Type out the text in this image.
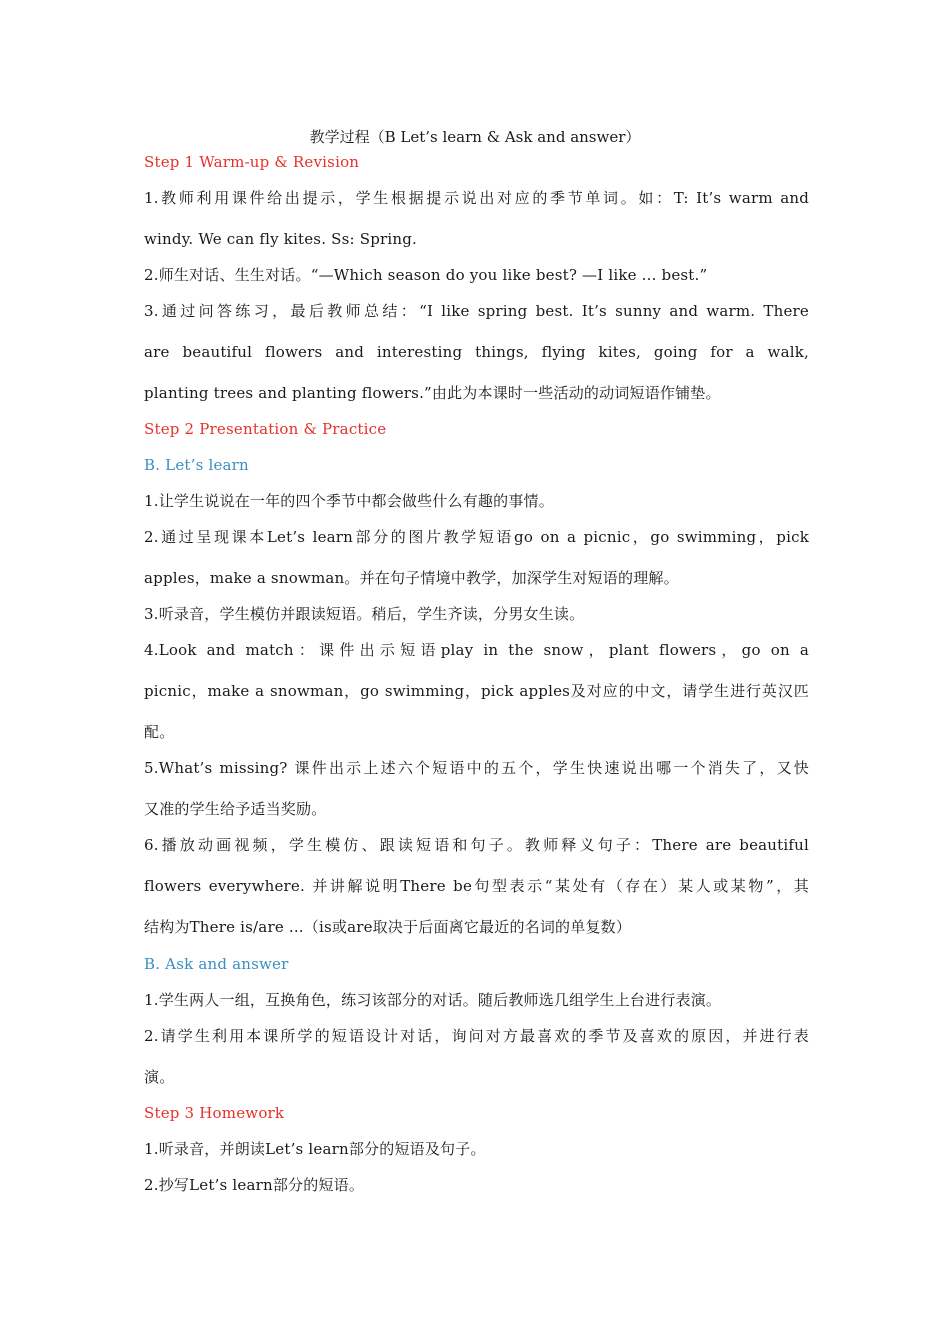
教学过程（B Let’s learn & Ask and answer）
Step 1 Warm-up & Revision
1.教师利用课件给出提示，学生根据提示说出对应的季节单词。如：T: It’s warm and
windy. We can fly kites. Ss: Spring.
2.师生对话、生生对话。“—Which season do you like best? —I like ... best.”
3.通过问答练习，最后教师总结：“I like spring best. It’s sunny and warm. There
are beautiful flowers and interesting things, flying kites, going for a walk,
planting trees and planting flowers.”由此为本课时一些活动的动词短语作铺垫。
Step 2 Presentation & Practice
B. Let’s learn
1.让学生说说在一年的四个季节中都会做些什么有趣的事情。
2.通过呈现课本Let’s learn部分的图片教学短语go on a picnic，go swimming，pick
apples，make a snowman。并在句子情境中教学，加深学生对短语的理解。
3.听录音，学生模仿并跟读短语。稍后，学生齐读，分男女生读。
4.Look and match：课件出示短语play in the snow，plant flowers，go on a
picnic，make a snowman，go swimming，pick apples及对应的中文，请学生进行英汉匹
配。
5.What’s missing? 课件出示上述六个短语中的五个，学生快速说出哪一个消失了，又快
又准的学生给予适当奖励。
6.播放动画视频，学生模仿、跟读短语和句子。教师释义句子：There are beautiful
flowers everywhere. 并讲解说明There be句型表示“某处有（存在）某人或某物”，其
结构为There is/are ...（is或are取决于后面离它最近的名词的单复数）
B. Ask and answer
1.学生两人一组，互换角色，练习该部分的对话。随后教师选几组学生上台进行表演。
2.请学生利用本课所学的短语设计对话，询问对方最喜欢的季节及喜欢的原因，并进行表
演。
Step 3 Homework
1.听录音，并朗读Let’s learn部分的短语及句子。
2.抄写Let’s learn部分的短语。
